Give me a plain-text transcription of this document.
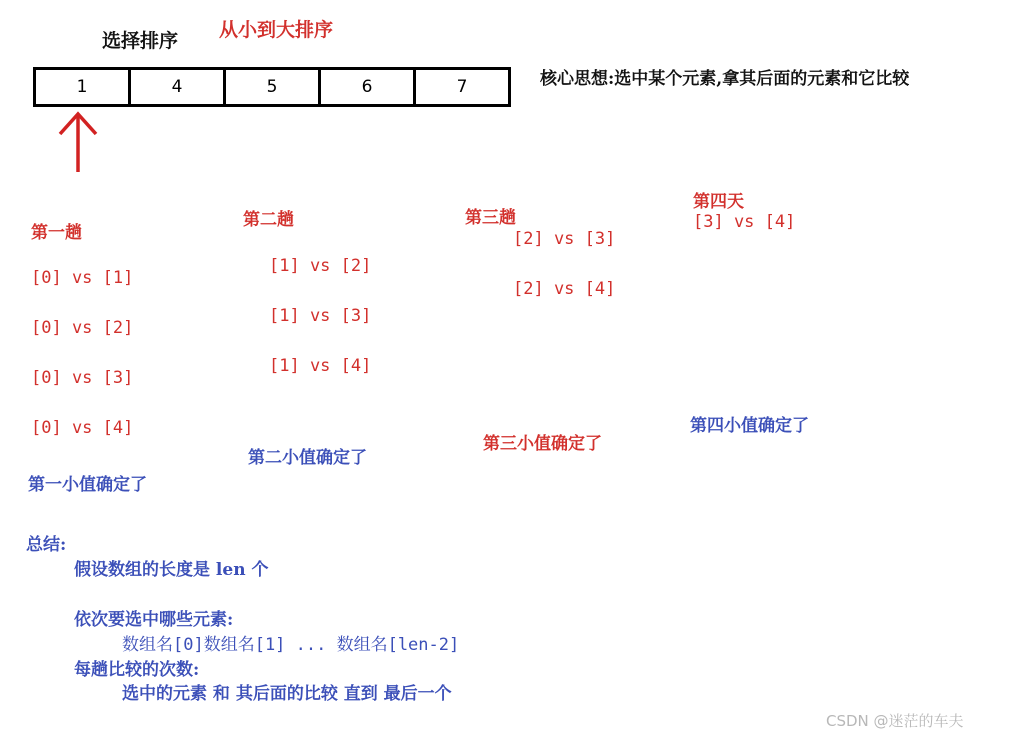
选择排序 从小到大排序
核心思想:选中某个元素,拿其后面的元素和它比较
1	4	5	6	7
第一趟
[0] vs [1]
[0] vs [2]
[0] vs [3]
[0] vs [4]
第一小值确定了
第二趟
[1] vs [2]
[1] vs [3]
[1] vs [4]
第二小值确定了
第三趟
[2] vs [3]
[2] vs [4]
第三小值确定了
第四天
[3] vs [4]
第四小值确定了
总结:
假设数组的长度是 len 个
依次要选中哪些元素:
数组名[0]数组名[1] ... 数组名[len-2]
每趟比较的次数:
选中的元素 和 其后面的比较 直到 最后一个
CSDN @迷茫的车夫
